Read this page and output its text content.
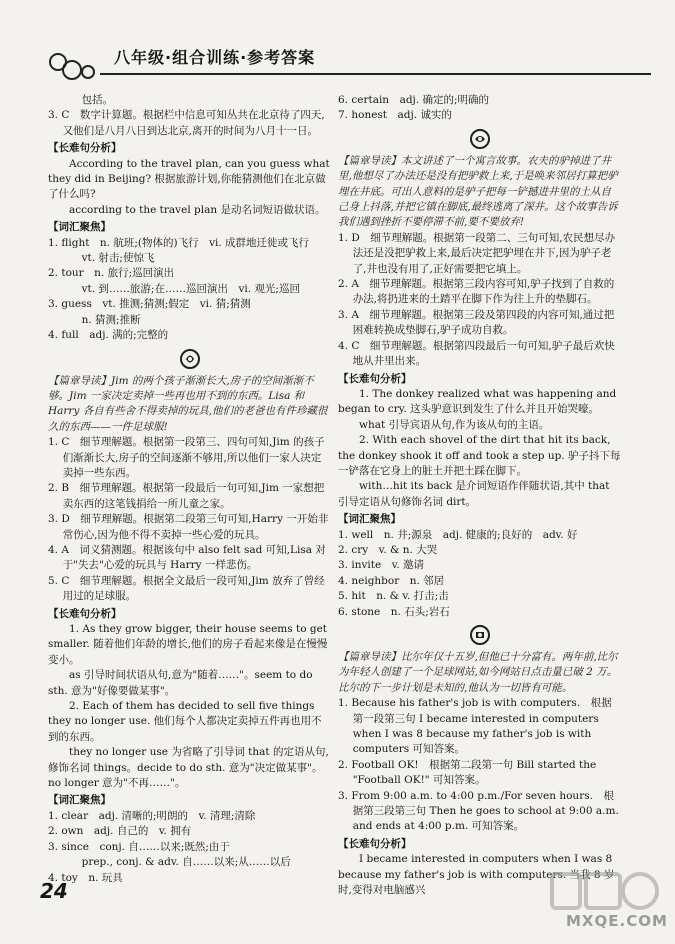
八年级·组合训练·参考答案

包括。

3. C　数字计算题。根据栏中信息可知丛共在北京待了四天,又他们是八月八日到达北京,离开的时间为八月十一日。

【长难句分析】

According to the travel plan, can you guess what they did in Beijing? 根据旅游计划,你能猜测他们在北京做了什么吗?

according to the travel plan 是动名词短语做状语。

【词汇聚焦】

1. flight　n. 航班;(物体的)飞行　vi. 成群地迁徙或飞行

vt. 射击;使惊飞

2. tour　n. 旅行;巡回演出

vt. 到……旅游;在……巡回演出　vi. 观光;巡回

3. guess　vt. 推测;猜测;假定　vi. 猜;猜测

n. 猜测;推断

4. full　adj. 满的;完整的

【篇章导读】Jim 的两个孩子渐渐长大,房子的空间渐渐不够。Jim 一家决定卖掉一些再也用不到的东西。Lisa 和 Harry 各自有些舍不得卖掉的玩具,他们的老爸也有件珍藏很久的东西——一件足球服!

1. C　细节理解题。根据第一段第三、四句可知,Jim 的孩子们渐渐长大,房子的空间逐渐不够用,所以他们一家人决定卖掉一些东西。

2. B　细节理解题。根据第一段最后一句可知,Jim 一家想把卖东西的这笔钱捐给一所儿童之家。

3. D　细节理解题。根据第二段第三句可知,Harry 一开始非常伤心,因为他不得不卖掉一些心爱的玩具。

4. A　词义猜测题。根据该句中 also felt sad 可知,Lisa 对于"失去"心爱的玩具与 Harry 一样悲伤。

5. C　细节理解题。根据全文最后一段可知,Jim 放弃了曾经用过的足球服。

【长难句分析】

1. As they grow bigger, their house seems to get smaller. 随着他们年龄的增长,他们的房子看起来像是在慢慢变小。

as 引导时间状语从句,意为"随着……"。seem to do sth. 意为"好像要做某事"。

2. Each of them has decided to sell five things they no longer use. 他们每个人都决定卖掉五件再也用不到的东西。

they no longer use 为省略了引导词 that 的定语从句,修饰名词 things。decide to do sth. 意为"决定做某事"。no longer 意为"不再……"。

【词汇聚焦】

1. clear　adj. 清晰的;明朗的　v. 清理;清除

2. own　adj. 自己的　v. 拥有

3. since　conj. 自……以来;既然;由于

prep., conj. & adv. 自……以来;从……以后

4. toy　n. 玩具

6. certain　adj. 确定的;明确的

7. honest　adj. 诚实的

【篇章导读】本文讲述了一个寓言故事。农夫的驴掉进了井里,他想尽了办法还是没有把驴救上来,于是唤来邻居打算把驴埋在井底。可出人意料的是驴子把每一铲撼进井里的土从自己身上抖落,并把它镇在脚底,最终逃离了深井。这个故事告诉我们遇到挫折不要停滞不前,要不要放弃!

1. D　细节理解题。根据第一段第二、三句可知,农民想尽办法还是没把驴救上来,最后决定把驴埋在井下,因为驴子老了,井也没有用了,正好需要把它填上。

2. A　细节理解题。根据第三段内容可知,驴子找到了自救的办法,将扔进来的土踏平在脚下作为往上升的垫脚石。

3. A　细节理解题。根据第三段及第四段的内容可知,通过把困难转换成垫脚石,驴子成功自救。

4. C　细节理解题。根据第四段最后一句可知,驴子最后欢快地从井里出来。

【长难句分析】

1. The donkey realized what was happening and began to cry. 这头驴意识到发生了什么并且开始哭嚎。

what 引导宾语从句,作为该从句的主语。

2. With each shovel of the dirt that hit its back, the donkey shook it off and took a step up. 驴子抖下每一铲落在它身上的脏土并把土踩在脚下。

with…hit its back 是介词短语作伴随状语,其中 that 引导定语从句修饰名词 dirt。

【词汇聚焦】

1. well　n. 井;源泉　adj. 健康的;良好的　adv. 好

2. cry　v. & n. 大哭

3. invite　v. 邀请

4. neighbor　n. 邻居

5. hit　n. & v. 打击;击

6. stone　n. 石头;岩石

【篇章导读】比尔年仅十五岁,但他已十分富有。两年前,比尔为年轻人创建了一个足球网站,如今网站日点击量已破 2 万。比尔的下一步计划是未知的,他认为一切皆有可能。

1. Because his father's job is with computers.　根据第一段第三句 I became interested in computers when I was 8 because my father's job is with computers 可知答案。

2. Football OK!　根据第二段第一句 Bill started the "Football OK!" 可知答案。

3. From 9:00 a.m. to 4:00 p.m./For seven hours.　根据第三段第三句 Then he goes to school at 9:00 a.m. and ends at 4:00 p.m. 可知答案。

【长难句分析】

I became interested in computers when I was 8 because my father's job is with computers. 当我 8 岁时,变得对电脑感兴

24
MXQE.COM
